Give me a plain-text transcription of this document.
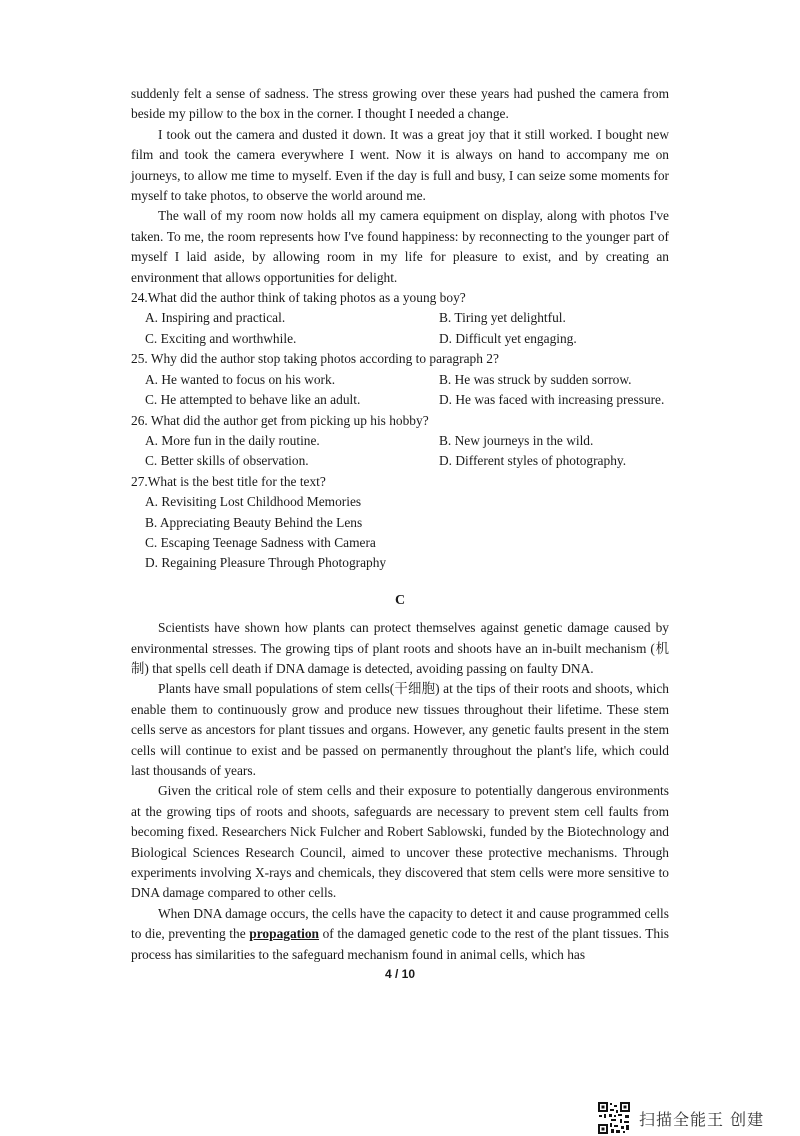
suddenly felt a sense of sadness. The stress growing over these years had pushed the camera from beside my pillow to the box in the corner. I thought I needed a change.

I took out the camera and dusted it down. It was a great joy that it still worked. I bought new film and took the camera everywhere I went. Now it is always on hand to accompany me on journeys, to allow me time to myself. Even if the day is full and busy, I can seize some moments for myself to take photos, to observe the world around me.

The wall of my room now holds all my camera equipment on display, along with photos I've taken. To me, the room represents how I've found happiness: by reconnecting to the younger part of myself I laid aside, by allowing room in my life for pleasure to exist, and by creating an environment that allows opportunities for delight.

24.What did the author think of taking photos as a young boy?

A. Inspiring and practical.	B. Tiring yet delightful.
C. Exciting and worthwhile.	D. Difficult yet engaging.

25. Why did the author stop taking photos according to paragraph 2?

A. He wanted to focus on his work.	B. He was struck by sudden sorrow.
C. He attempted to behave like an adult.	D. He was faced with increasing pressure.

26. What did the author get from picking up his hobby?

A. More fun in the daily routine.	B. New journeys in the wild.
C. Better skills of observation.	D. Different styles of photography.

27.What is the best title for the text?

A. Revisiting Lost Childhood Memories

B. Appreciating Beauty Behind the Lens

C. Escaping Teenage Sadness with Camera

D. Regaining Pleasure Through Photography

C

Scientists have shown how plants can protect themselves against genetic damage caused by environmental stresses. The growing tips of plant roots and shoots have an in-built mechanism (机制) that spells cell death if DNA damage is detected, avoiding passing on faulty DNA.

Plants have small populations of stem cells(干细胞) at the tips of their roots and shoots, which enable them to continuously grow and produce new tissues throughout their lifetime. These stem cells serve as ancestors for plant tissues and organs. However, any genetic faults present in the stem cells will continue to exist and be passed on permanently throughout the plant's life, which could last thousands of years.

Given the critical role of stem cells and their exposure to potentially dangerous environments at the growing tips of roots and shoots, safeguards are necessary to prevent stem cell faults from becoming fixed. Researchers Nick Fulcher and Robert Sablowski, funded by the Biotechnology and Biological Sciences Research Council, aimed to uncover these protective mechanisms. Through experiments involving X-rays and chemicals, they discovered that stem cells were more sensitive to DNA damage compared to other cells.

When DNA damage occurs, the cells have the capacity to detect it and cause programmed cells to die, preventing the propagation of the damaged genetic code to the rest of the plant tissues. This process has similarities to the safeguard mechanism found in animal cells, which has

4 / 10
扫描全能王 创建
